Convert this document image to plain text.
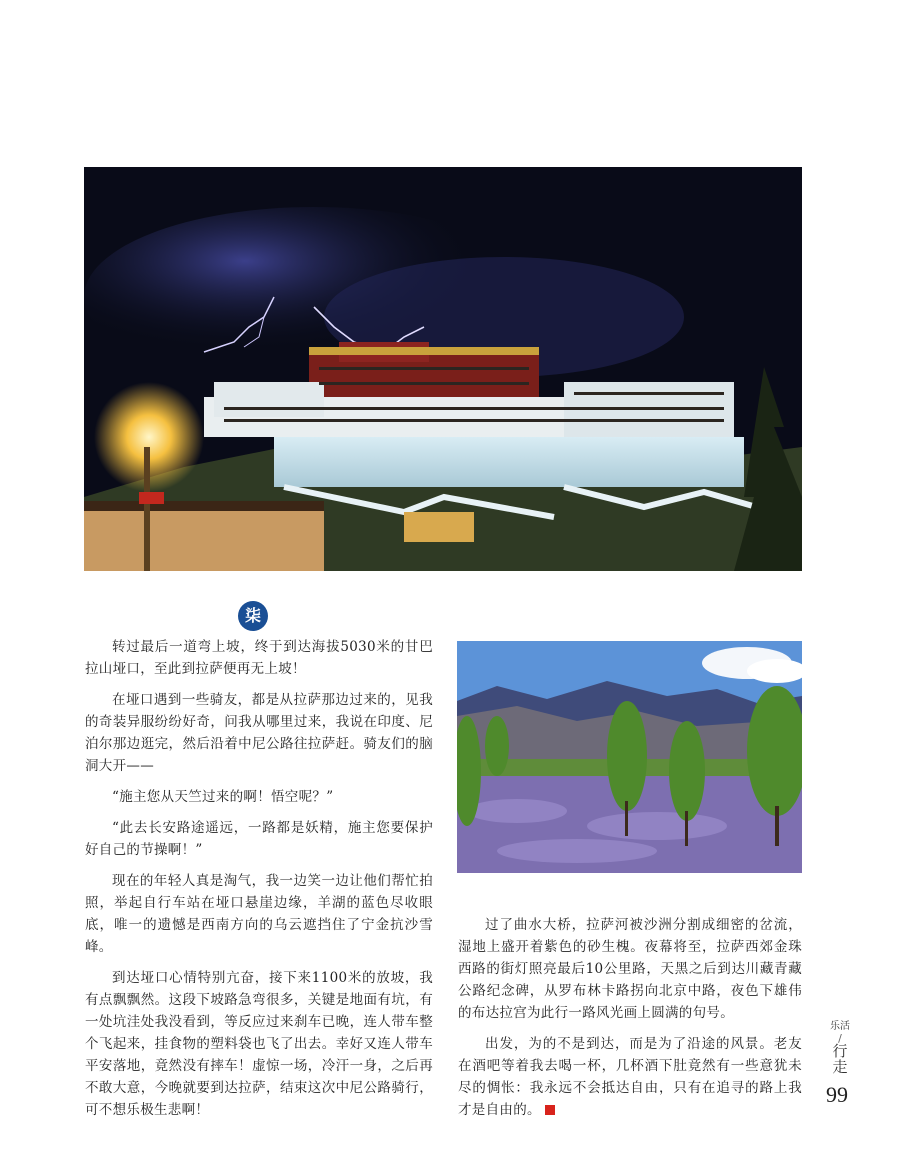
柒

转过最后一道弯上坡，终于到达海拔5030米的甘巴拉山垭口，至此到拉萨便再无上坡！

在垭口遇到一些骑友，都是从拉萨那边过来的，见我的奇装异服纷纷好奇，问我从哪里过来，我说在印度、尼泊尔那边逛完，然后沿着中尼公路往拉萨赶。骑友们的脑洞大开——

“施主您从天竺过来的啊！悟空呢？”

“此去长安路途遥远，一路都是妖精，施主您要保护好自己的节操啊！”

现在的年轻人真是淘气，我一边笑一边让他们帮忙拍照，举起自行车站在垭口悬崖边缘，羊湖的蓝色尽收眼底，唯一的遗憾是西南方向的乌云遮挡住了宁金抗沙雪峰。

到达垭口心情特别亢奋，接下来1100米的放坡，我有点飘飘然。这段下坡路急弯很多，关键是地面有坑，有一处坑洼处我没看到，等反应过来刹车已晚，连人带车整个飞起来，挂食物的塑料袋也飞了出去。幸好又连人带车平安落地，竟然没有摔车！虚惊一场，冷汗一身，之后再不敢大意，今晚就要到达拉萨，结束这次中尼公路骑行，可不想乐极生悲啊！

过了曲水大桥，拉萨河被沙洲分割成细密的岔流，湿地上盛开着紫色的砂生槐。夜幕将至，拉萨西郊金珠西路的街灯照亮最后10公里路，天黑之后到达川藏青藏公路纪念碑，从罗布林卡路拐向北京中路，夜色下雄伟的布达拉宫为此行一路风光画上圆满的句号。

出发，为的不是到达，而是为了沿途的风景。老友在酒吧等着我去喝一杯，几杯酒下肚竟然有一些意犹未尽的惆怅：我永远不会抵达自由，只有在追寻的路上我才是自由的。

乐活
/
行走
99
